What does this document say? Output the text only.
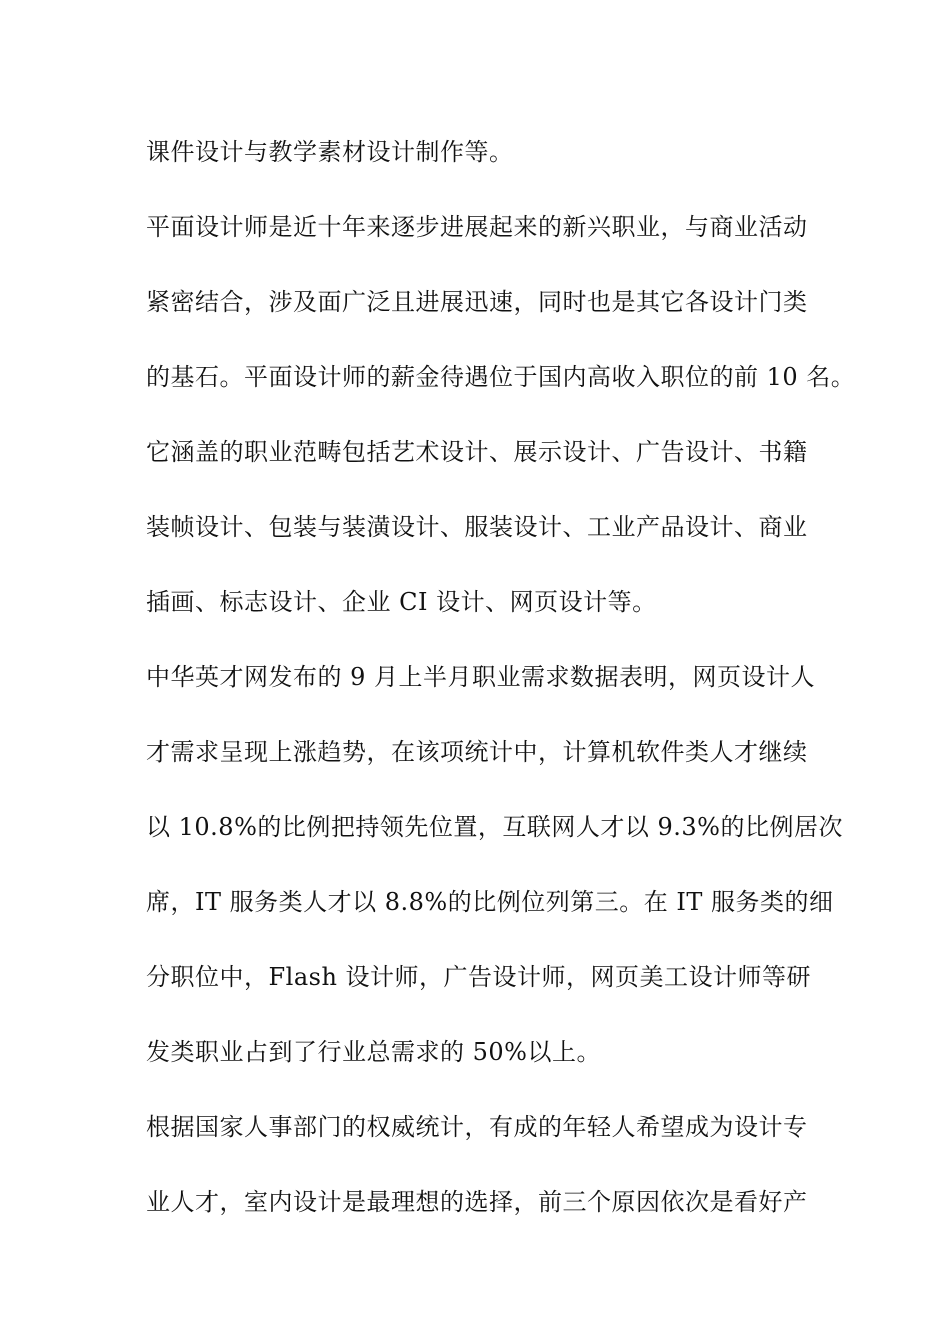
课件设计与教学素材设计制作等。
平面设计师是近十年来逐步进展起来的新兴职业，与商业活动
紧密结合，涉及面广泛且进展迅速，同时也是其它各设计门类
的基石。平面设计师的薪金待遇位于国内高收入职位的前 10 名。
它涵盖的职业范畴包括艺术设计、展示设计、广告设计、书籍
装帧设计、包装与装潢设计、服装设计、工业产品设计、商业
插画、标志设计、企业 CI 设计、网页设计等。
中华英才网发布的 9 月上半月职业需求数据表明，网页设计人
才需求呈现上涨趋势，在该项统计中，计算机软件类人才继续
以 10.8%的比例把持领先位置，互联网人才以 9.3%的比例居次
席，IT 服务类人才以 8.8%的比例位列第三。在 IT 服务类的细
分职位中，Flash 设计师，广告设计师，网页美工设计师等研
发类职业占到了行业总需求的 50%以上。
根据国家人事部门的权威统计，有成的年轻人希望成为设计专
业人才，室内设计是最理想的选择，前三个原因依次是看好产
